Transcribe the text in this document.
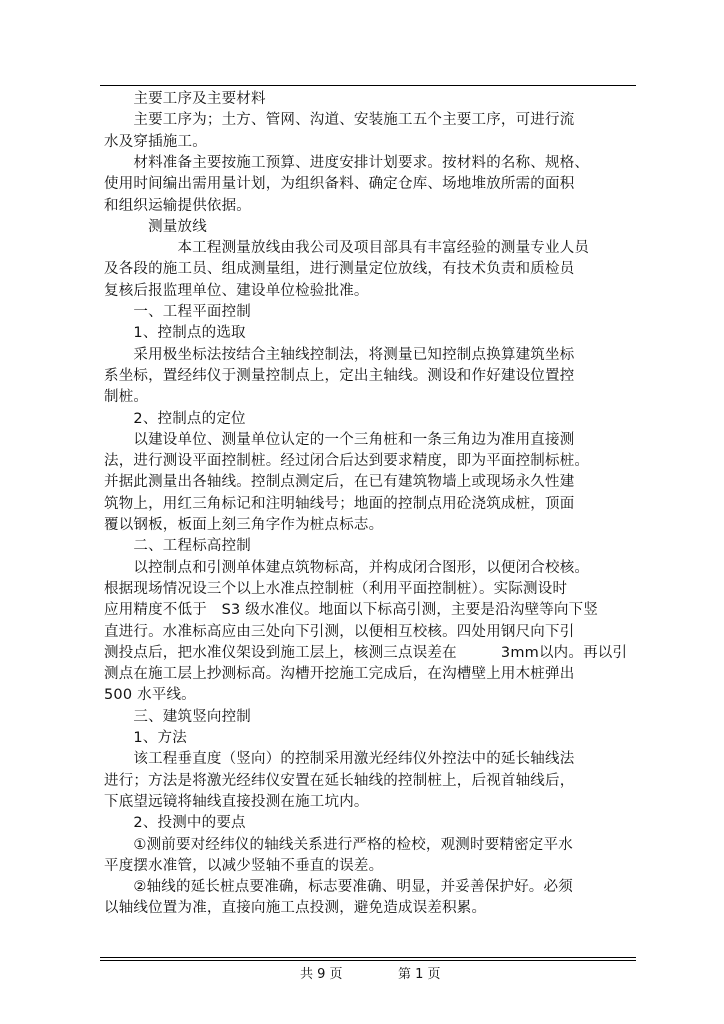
　　主要工序及主要材料
　　主要工序为；土方、管网、沟道、安装施工五个主要工序，可进行流
水及穿插施工。
　　材料准备主要按施工预算、进度安排计划要求。按材料的名称、规格、
使用时间编出需用量计划，为组织备料、确定仓库、场地堆放所需的面积
和组织运输提供依据。
　　　测量放线
　　　　　本工程测量放线由我公司及项目部具有丰富经验的测量专业人员
及各段的施工员、组成测量组，进行测量定位放线，有技术负责和质检员
复核后报监理单位、建设单位检验批准。
　　一、工程平面控制
　　1、控制点的选取
　　采用极坐标法按结合主轴线控制法，将测量已知控制点换算建筑坐标
系坐标，置经纬仪于测量控制点上，定出主轴线。测设和作好建设位置控
制桩。
　　2、控制点的定位
　　以建设单位、测量单位认定的一个三角桩和一条三角边为准用直接测
法，进行测设平面控制桩。经过闭合后达到要求精度，即为平面控制标桩。
并据此测量出各轴线。控制点测定后，在已有建筑物墙上或现场永久性建
筑物上，用红三角标记和注明轴线号；地面的控制点用砼浇筑成桩，顶面
覆以钢板，板面上刻三角字作为桩点标志。
　　二、工程标高控制
　　以控制点和引测单体建点筑物标高，并构成闭合图形，以便闭合校核。
根据现场情况设三个以上水准点控制桩（利用平面控制桩）。实际测设时
应用精度不低于　S3 级水准仪。地面以下标高引测，主要是沿沟壁等向下竖
直进行。水准标高应由三处向下引测，以便相互校核。四处用钢尺向下引
测投点后，把水准仪架设到施工层上，核测三点误差在　　　3mm以内。再以引
测点在施工层上抄测标高。沟槽开挖施工完成后，在沟槽壁上用木桩弹出
500 水平线。
　　三、建筑竖向控制
　　1、方法
　　该工程垂直度（竖向）的控制采用激光经纬仪外控法中的延长轴线法
进行；方法是将激光经纬仪安置在延长轴线的控制桩上，后视首轴线后，
下底望远镜将轴线直接投测在施工坑内。
　　2、投测中的要点
　　①测前要对经纬仪的轴线关系进行严格的检校，观测时要精密定平水
平度摆水准管，以减少竖轴不垂直的误差。
　　②轴线的延长桩点要准确，标志要准确、明显，并妥善保护好。必须
以轴线位置为准，直接向施工点投测，避免造成误差积累。
共 9 页	第 1 页
